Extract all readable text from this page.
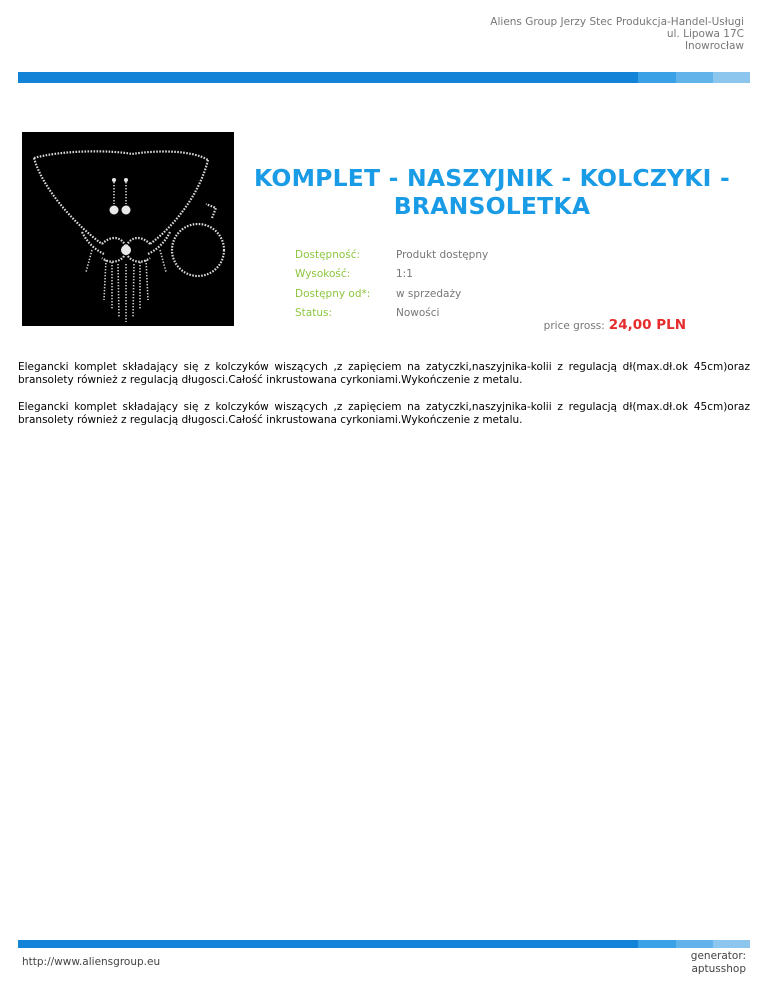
Aliens Group Jerzy Stec Produkcja-Handel-Usługi
ul. Lipowa 17C
Inowrocław
KOMPLET - NASZYJNIK - KOLCZYKI - BRANSOLETKA
Dostępność:	Produkt dostępny
Wysokość:	1:1
Dostępny od*:	w sprzedaży
Status:	Nowości
price gross: 24,00 PLN
Elegancki komplet składający się z kolczyków wiszących ,z zapięciem na zatyczki,naszyjnika-kolii z regulacją dł(max.dł.ok 45cm)oraz bransolety również z regulacją długosci.Całość inkrustowana cyrkoniami.Wykończenie z metalu.
Elegancki komplet składający się z kolczyków wiszących ,z zapięciem na zatyczki,naszyjnika-kolii z regulacją dł(max.dł.ok 45cm)oraz bransolety również z regulacją długosci.Całość inkrustowana cyrkoniami.Wykończenie z metalu.
http://www.aliensgroup.eu	generator: aptusshop
